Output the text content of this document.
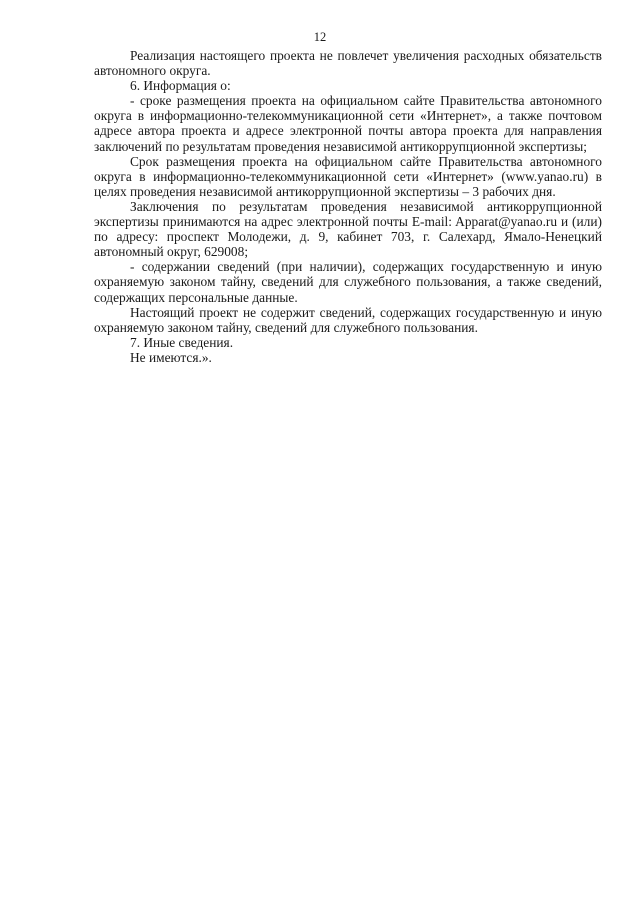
12

Реализация настоящего проекта не повлечет увеличения расходных обязательств автономного округа.

6. Информация о:

- сроке размещения проекта на официальном сайте Правительства автономного округа в информационно-телекоммуникационной сети «Интернет», а также почтовом адресе автора проекта и адресе электронной почты автора проекта для направления заключений по результатам проведения независимой антикоррупционной экспертизы;

Срок размещения проекта на официальном сайте Правительства автономного округа в информационно-телекоммуникационной сети «Интернет» (www.yanao.ru) в целях проведения независимой антикоррупционной экспертизы – 3 рабочих дня.

Заключения по результатам проведения независимой антикоррупционной экспертизы принимаются на адрес электронной почты E-mail: Apparat@yanao.ru и (или) по адресу: проспект Молодежи, д. 9, кабинет 703, г. Салехард, Ямало-Ненецкий автономный округ, 629008;

- содержании сведений (при наличии), содержащих государственную и иную охраняемую законом тайну, сведений для служебного пользования, а также сведений, содержащих персональные данные.

Настоящий проект не содержит сведений, содержащих государственную и иную охраняемую законом тайну, сведений для служебного пользования.

7. Иные сведения.

Не имеются.».
